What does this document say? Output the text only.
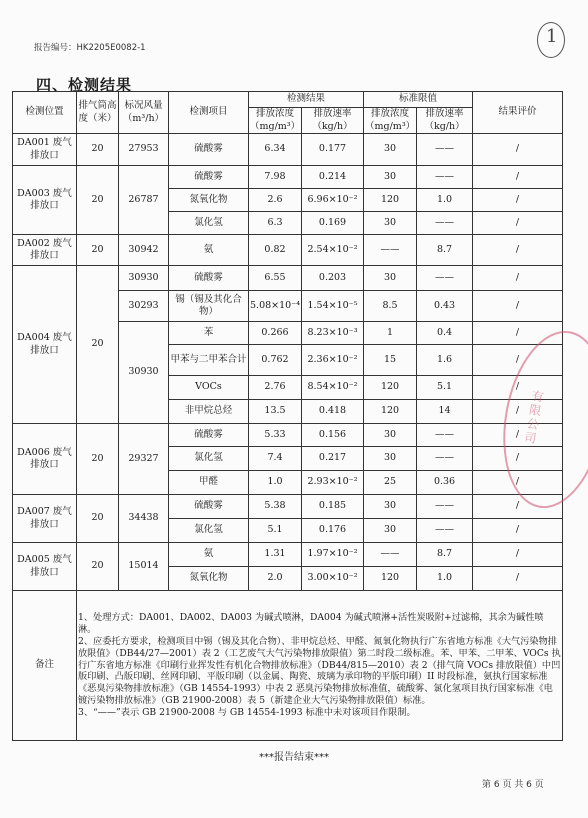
报告编号：HK2205E0082-1
1
四、检测结果
检测位置	排气筒高度（米）	标况风量（m³/h）	检测项目	检测结果		标准限值		结果评价
				排放浓度（mg/m³）	排放速率（kg/h）	排放浓度（mg/m³）	排放速率（kg/h）	
DA001 废气排放口	20	27953	硫酸雾	6.34	0.177	30	——	/
DA003 废气排放口	20	26787	硫酸雾	7.98	0.214	30	——	/
			氮氧化物	2.6	6.96×10⁻²	120	1.0	/
			氯化氢	6.3	0.169	30	——	/
DA002 废气排放口	20	30942	氨	0.82	2.54×10⁻²	——	8.7	/
DA004 废气排放口	20	30930	硫酸雾	6.55	0.203	30	——	/
		30293	锡（锡及其化合物）	5.08×10⁻⁴	1.54×10⁻⁵	8.5	0.43	/
		30930	苯	0.266	8.23×10⁻³	1	0.4	/
			甲苯与二甲苯合计	0.762	2.36×10⁻²	15	1.6	/
			VOCs	2.76	8.54×10⁻²	120	5.1	/
			非甲烷总烃	13.5	0.418	120	14	/
DA006 废气排放口	20	29327	硫酸雾	5.33	0.156	30	——	/
			氯化氢	7.4	0.217	30	——	/
			甲醛	1.0	2.93×10⁻²	25	0.36	/
DA007 废气排放口	20	34438	硫酸雾	5.38	0.185	30	——	/
			氯化氢	5.1	0.176	30	——	/
DA005 废气排放口	20	15014	氨	1.31	1.97×10⁻²	——	8.7	/
			氮氧化物	2.0	3.00×10⁻²	120	1.0	/
备注	1、处理方式：DA001、DA002、DA003 为碱式喷淋，DA004 为碱式喷淋+活性炭吸附+过滤棉，其余为碱性喷淋。
2、应委托方要求，检测项目中锡（锡及其化合物）、非甲烷总烃、甲醛、氮氧化物执行广东省地方标准《大气污染物排放限值》（DB44/27—2001）表 2（工艺废气大气污染物排放限值）第二时段二级标准。苯、甲苯、二甲苯、VOCs 执行广东省地方标准《印刷行业挥发性有机化合物排放标准》（DB44/815—2010）表 2（排气筒 VOCs 排放限值）中凹版印刷、凸版印刷、丝网印刷、平版印刷（以金属、陶瓷、玻璃为承印物的平版印刷）II 时段标准，氨执行国家标准《恶臭污染物排放标准》（GB 14554-1993）中表 2 恶臭污染物排放标准值，硫酸雾、氯化氢项目执行国家标准《电镀污染物排放标准》（GB 21900-2008）表 5（新建企业大气污染物排放限值）标准。
3、“——”表示 GB 21900-2008 与 GB 14554-1993 标准中未对该项目作限制。							
有限公司
***报告结束***
第 6 页 共 6 页
